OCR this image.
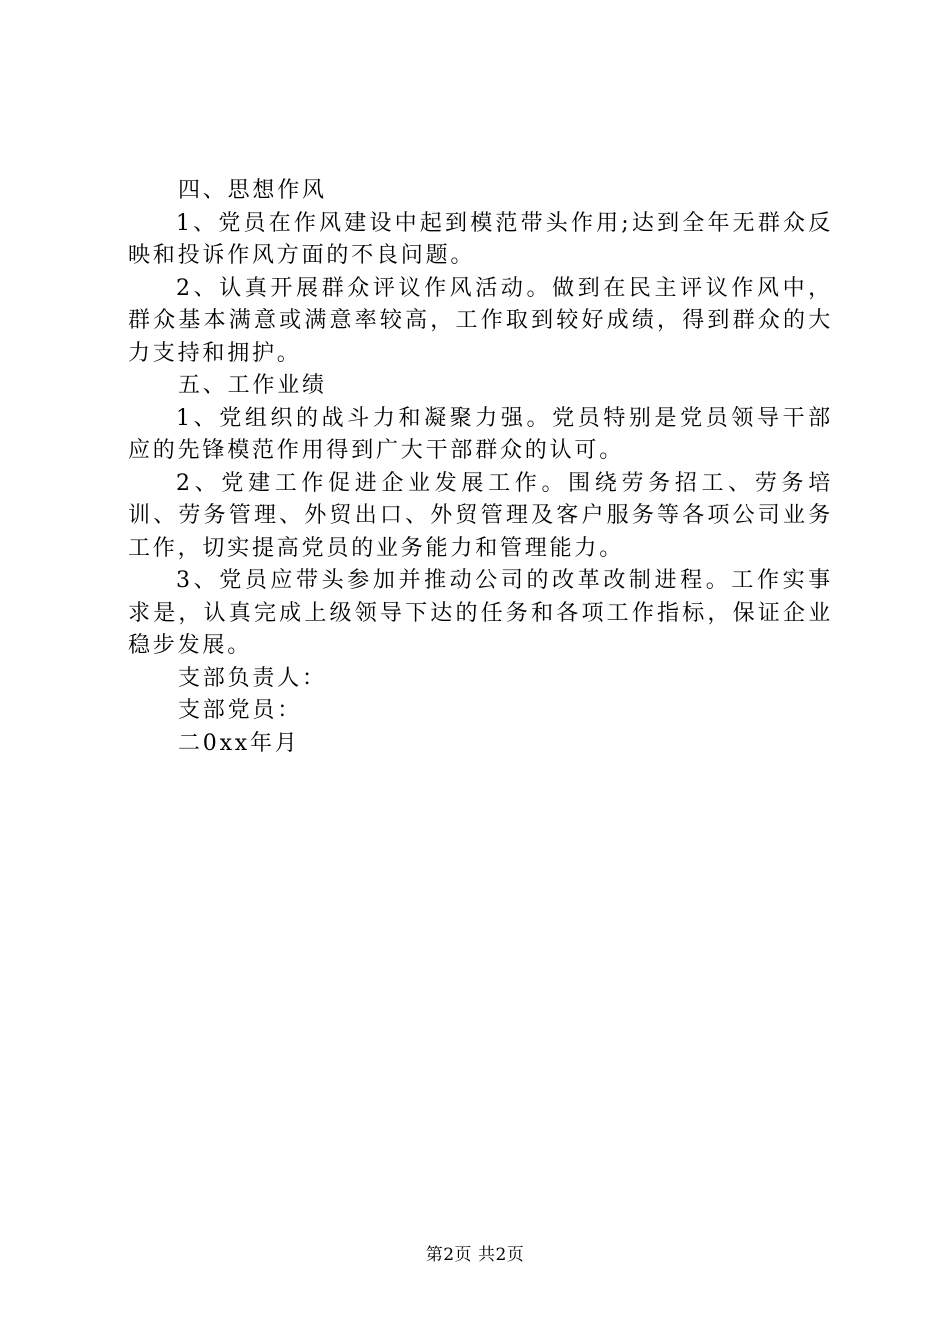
四、思想作风

1、党员在作风建设中起到模范带头作用;达到全年无群众反映和投诉作风方面的不良问题。

2、认真开展群众评议作风活动。做到在民主评议作风中，群众基本满意或满意率较高，工作取到较好成绩，得到群众的大力支持和拥护。

五、工作业绩

1、党组织的战斗力和凝聚力强。党员特别是党员领导干部应的先锋模范作用得到广大干部群众的认可。

2、党建工作促进企业发展工作。围绕劳务招工、劳务培训、劳务管理、外贸出口、外贸管理及客户服务等各项公司业务工作，切实提高党员的业务能力和管理能力。

3、党员应带头参加并推动公司的改革改制进程。工作实事求是，认真完成上级领导下达的任务和各项工作指标，保证企业稳步发展。

支部负责人：

支部党员：

二0xx年月

第2页 共2页
